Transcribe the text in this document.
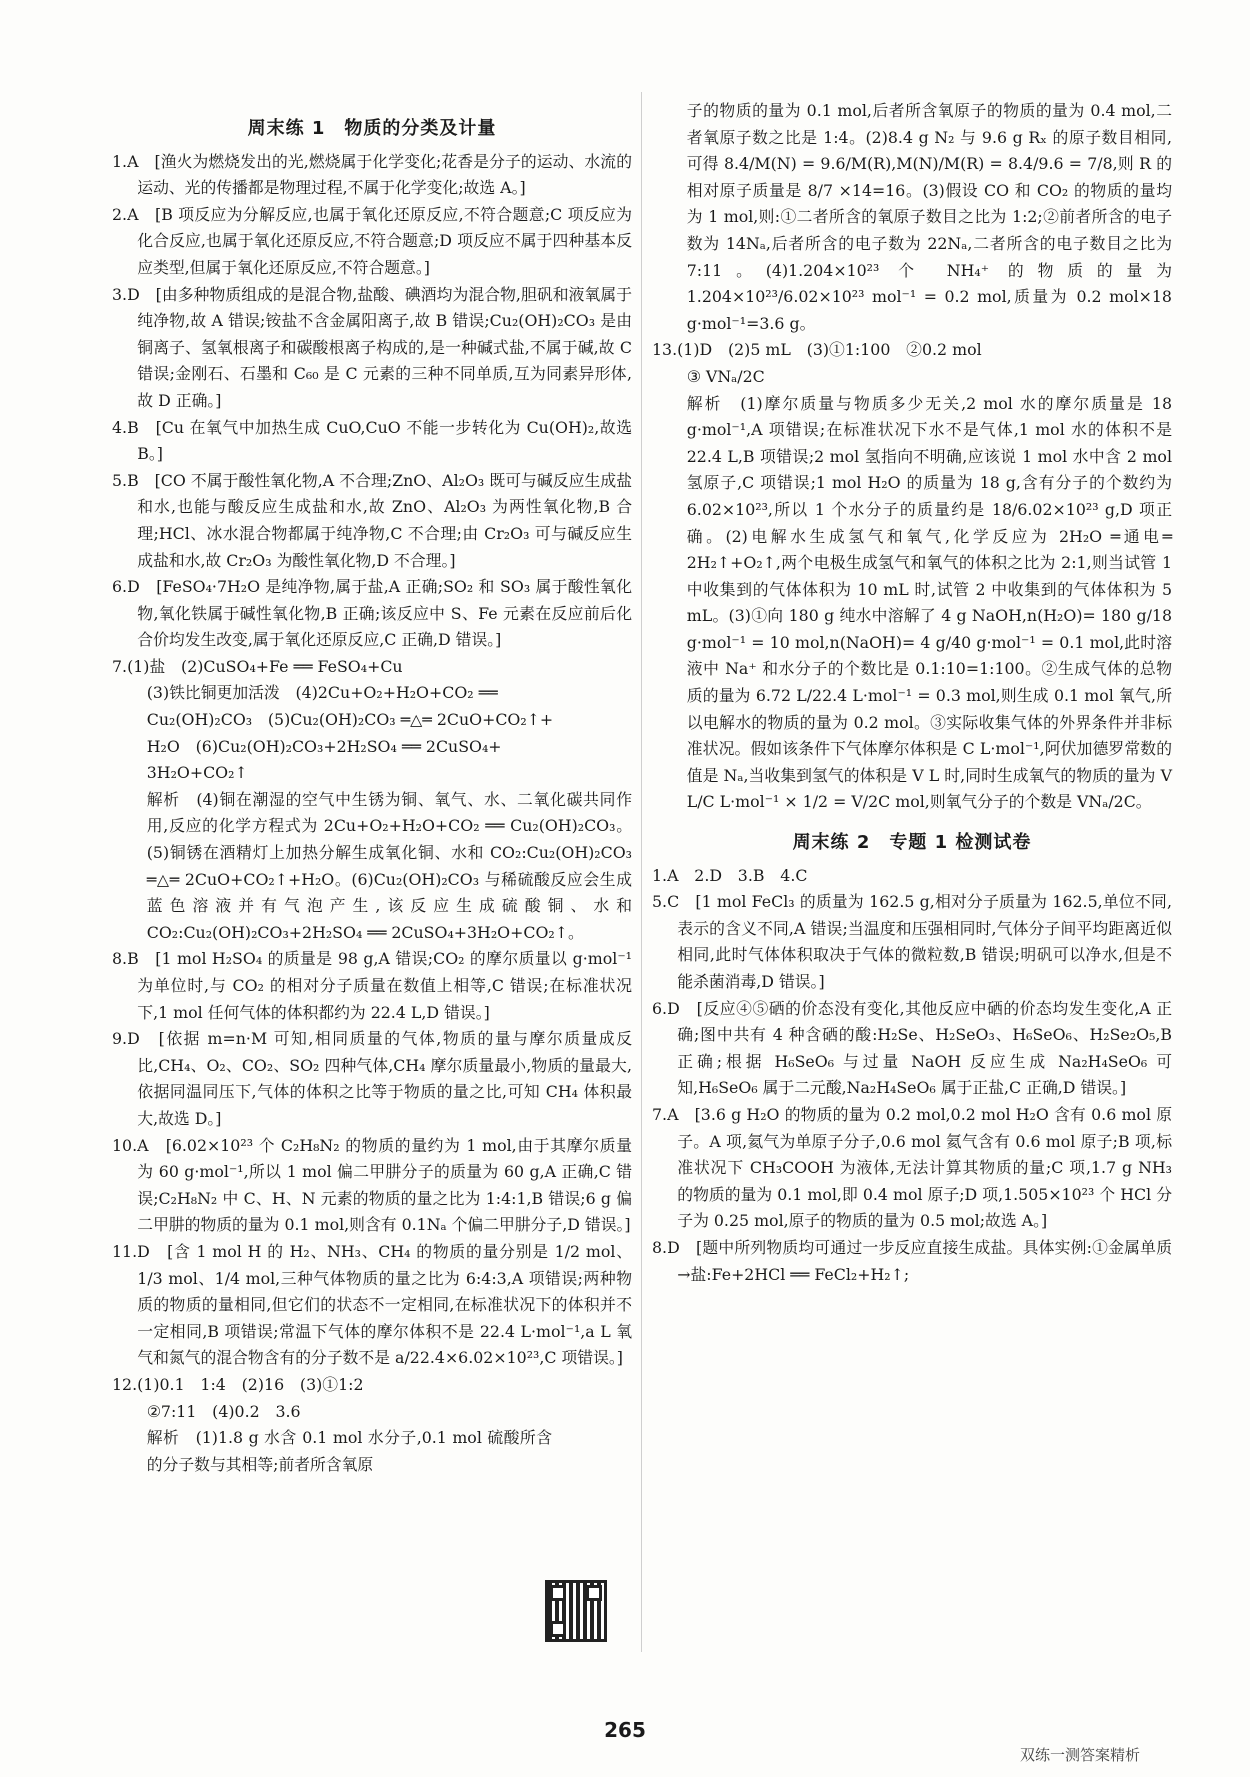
周末练 1　物质的分类及计量

1.A　[渔火为燃烧发出的光,燃烧属于化学变化;花香是分子的运动、水流的运动、光的传播都是物理过程,不属于化学变化;故选 A。]

2.A　[B 项反应为分解反应,也属于氧化还原反应,不符合题意;C 项反应为化合反应,也属于氧化还原反应,不符合题意;D 项反应不属于四种基本反应类型,但属于氧化还原反应,不符合题意。]

3.D　[由多种物质组成的是混合物,盐酸、碘酒均为混合物,胆矾和液氧属于纯净物,故 A 错误;铵盐不含金属阳离子,故 B 错误;Cu₂(OH)₂CO₃ 是由铜离子、氢氧根离子和碳酸根离子构成的,是一种碱式盐,不属于碱,故 C 错误;金刚石、石墨和 C₆₀ 是 C 元素的三种不同单质,互为同素异形体,故 D 正确。]

4.B　[Cu 在氧气中加热生成 CuO,CuO 不能一步转化为 Cu(OH)₂,故选 B。]

5.B　[CO 不属于酸性氧化物,A 不合理;ZnO、Al₂O₃ 既可与碱反应生成盐和水,也能与酸反应生成盐和水,故 ZnO、Al₂O₃ 为两性氧化物,B 合理;HCl、冰水混合物都属于纯净物,C 不合理;由 Cr₂O₃ 可与碱反应生成盐和水,故 Cr₂O₃ 为酸性氧化物,D 不合理。]

6.D　[FeSO₄·7H₂O 是纯净物,属于盐,A 正确;SO₂ 和 SO₃ 属于酸性氧化物,氧化铁属于碱性氧化物,B 正确;该反应中 S、Fe 元素在反应前后化合价均发生改变,属于氧化还原反应,C 正确,D 错误。]

7.(1)盐　(2)CuSO₄+Fe ══ FeSO₄+Cu

(3)铁比铜更加活泼　(4)2Cu+O₂+H₂O+CO₂ ══

Cu₂(OH)₂CO₃　(5)Cu₂(OH)₂CO₃ ═△═ 2CuO+CO₂↑+

H₂O　(6)Cu₂(OH)₂CO₃+2H₂SO₄ ══ 2CuSO₄+

3H₂O+CO₂↑

解析　(4)铜在潮湿的空气中生锈为铜、氧气、水、二氧化碳共同作用,反应的化学方程式为 2Cu+O₂+H₂O+CO₂ ══ Cu₂(OH)₂CO₃。(5)铜锈在酒精灯上加热分解生成氧化铜、水和 CO₂:Cu₂(OH)₂CO₃ ═△═ 2CuO+CO₂↑+H₂O。(6)Cu₂(OH)₂CO₃ 与稀硫酸反应会生成蓝色溶液并有气泡产生,该反应生成硫酸铜、水和 CO₂:Cu₂(OH)₂CO₃+2H₂SO₄ ══ 2CuSO₄+3H₂O+CO₂↑。

8.B　[1 mol H₂SO₄ 的质量是 98 g,A 错误;CO₂ 的摩尔质量以 g·mol⁻¹ 为单位时,与 CO₂ 的相对分子质量在数值上相等,C 错误;在标准状况下,1 mol 任何气体的体积都约为 22.4 L,D 错误。]

9.D　[依据 m=n·M 可知,相同质量的气体,物质的量与摩尔质量成反比,CH₄、O₂、CO₂、SO₂ 四种气体,CH₄ 摩尔质量最小,物质的量最大,依据同温同压下,气体的体积之比等于物质的量之比,可知 CH₄ 体积最大,故选 D。]

10.A　[6.02×10²³ 个 C₂H₈N₂ 的物质的量约为 1 mol,由于其摩尔质量为 60 g·mol⁻¹,所以 1 mol 偏二甲肼分子的质量为 60 g,A 正确,C 错误;C₂H₈N₂ 中 C、H、N 元素的物质的量之比为 1:4:1,B 错误;6 g 偏二甲肼的物质的量为 0.1 mol,则含有 0.1Nₐ 个偏二甲肼分子,D 错误。]

11.D　[含 1 mol H 的 H₂、NH₃、CH₄ 的物质的量分别是 1/2 mol、1/3 mol、1/4 mol,三种气体物质的量之比为 6:4:3,A 项错误;两种物质的物质的量相同,但它们的状态不一定相同,在标准状况下的体积并不一定相同,B 项错误;常温下气体的摩尔体积不是 22.4 L·mol⁻¹,a L 氧气和氮气的混合物含有的分子数不是 a/22.4×6.02×10²³,C 项错误。]

12.(1)0.1　1:4　(2)16　(3)①1:2

②7:11　(4)0.2　3.6

解析　(1)1.8 g 水含 0.1 mol 水分子,0.1 mol 硫酸所含的分子数与其相等;前者所含氧原

子的物质的量为 0.1 mol,后者所含氧原子的物质的量为 0.4 mol,二者氧原子数之比是 1:4。(2)8.4 g N₂ 与 9.6 g Rₓ 的原子数目相同,可得 8.4/M(N) = 9.6/M(R),M(N)/M(R) = 8.4/9.6 = 7/8,则 R 的相对原子质量是 8/7 ×14=16。(3)假设 CO 和 CO₂ 的物质的量均为 1 mol,则:①二者所含的氧原子数目之比为 1:2;②前者所含的电子数为 14Nₐ,后者所含的电子数为 22Nₐ,二者所含的电子数目之比为 7:11。(4)1.204×10²³ 个 NH₄⁺ 的物质的量为 1.204×10²³/6.02×10²³ mol⁻¹ = 0.2 mol,质量为 0.2 mol×18 g·mol⁻¹=3.6 g。

13.(1)D　(2)5 mL　(3)①1:100　②0.2 mol

③ VNₐ/2C

解析　(1)摩尔质量与物质多少无关,2 mol 水的摩尔质量是 18 g·mol⁻¹,A 项错误;在标准状况下水不是气体,1 mol 水的体积不是 22.4 L,B 项错误;2 mol 氢指向不明确,应该说 1 mol 水中含 2 mol 氢原子,C 项错误;1 mol H₂O 的质量为 18 g,含有分子的个数约为 6.02×10²³,所以 1 个水分子的质量约是 18/6.02×10²³ g,D 项正确。(2)电解水生成氢气和氧气,化学反应为 2H₂O ═通电═ 2H₂↑+O₂↑,两个电极生成氢气和氧气的体积之比为 2:1,则当试管 1 中收集到的气体体积为 10 mL 时,试管 2 中收集到的气体体积为 5 mL。(3)①向 180 g 纯水中溶解了 4 g NaOH,n(H₂O)= 180 g/18 g·mol⁻¹ = 10 mol,n(NaOH)= 4 g/40 g·mol⁻¹ = 0.1 mol,此时溶液中 Na⁺ 和水分子的个数比是 0.1:10=1:100。②生成气体的总物质的量为 6.72 L/22.4 L·mol⁻¹ = 0.3 mol,则生成 0.1 mol 氧气,所以电解水的物质的量为 0.2 mol。③实际收集气体的外界条件并非标准状况。假如该条件下气体摩尔体积是 C L·mol⁻¹,阿伏加德罗常数的值是 Nₐ,当收集到氢气的体积是 V L 时,同时生成氧气的物质的量为 V L/C L·mol⁻¹ × 1/2 = V/2C mol,则氧气分子的个数是 VNₐ/2C。

周末练 2　专题 1 检测试卷

1.A　2.D　3.B　4.C

5.C　[1 mol FeCl₃ 的质量为 162.5 g,相对分子质量为 162.5,单位不同,表示的含义不同,A 错误;当温度和压强相同时,气体分子间平均距离近似相同,此时气体体积取决于气体的微粒数,B 错误;明矾可以净水,但是不能杀菌消毒,D 错误。]

6.D　[反应④⑤硒的价态没有变化,其他反应中硒的价态均发生变化,A 正确;图中共有 4 种含硒的酸:H₂Se、H₂SeO₃、H₆SeO₆、H₂Se₂O₅,B 正确;根据 H₆SeO₆ 与过量 NaOH 反应生成 Na₂H₄SeO₆ 可知,H₆SeO₆ 属于二元酸,Na₂H₄SeO₆ 属于正盐,C 正确,D 错误。]

7.A　[3.6 g H₂O 的物质的量为 0.2 mol,0.2 mol H₂O 含有 0.6 mol 原子。A 项,氦气为单原子分子,0.6 mol 氦气含有 0.6 mol 原子;B 项,标准状况下 CH₃COOH 为液体,无法计算其物质的量;C 项,1.7 g NH₃ 的物质的量为 0.1 mol,即 0.4 mol 原子;D 项,1.505×10²³ 个 HCl 分子为 0.25 mol,原子的物质的量为 0.5 mol;故选 A。]

8.D　[题中所列物质均可通过一步反应直接生成盐。具体实例:①金属单质→盐:Fe+2HCl ══ FeCl₂+H₂↑;

265
双练一测答案精析
